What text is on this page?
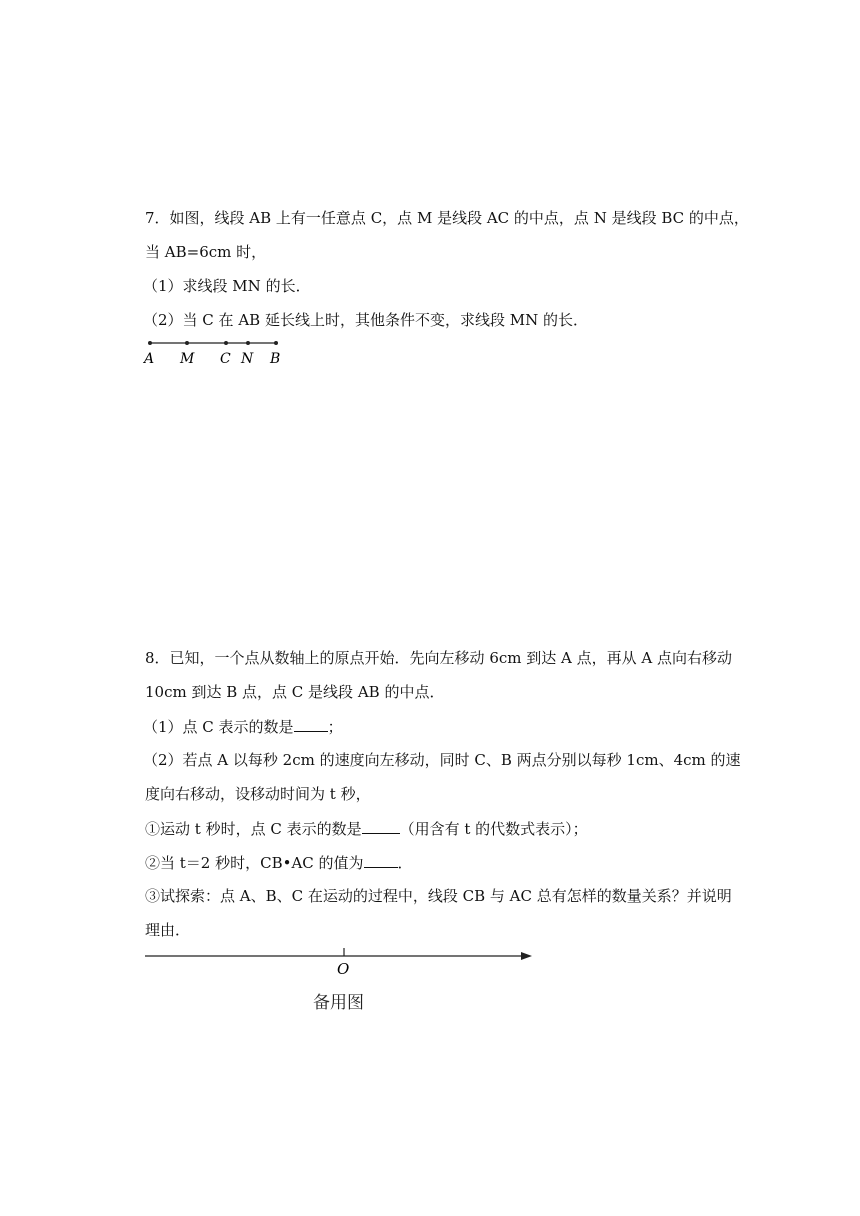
7．如图，线段 AB 上有一任意点 C，点 M 是线段 AC 的中点，点 N 是线段 BC 的中点，
当 AB=6cm 时，
（1）求线段 MN 的长．
（2）当 C 在 AB 延长线上时，其他条件不变，求线段 MN 的长．
A M C N B
8．已知，一个点从数轴上的原点开始．先向左移动 6cm 到达 A 点，再从 A 点向右移动
10cm 到达 B 点，点 C 是线段 AB 的中点．
（1）点 C 表示的数是 ；
（2）若点 A 以每秒 2cm 的速度向左移动，同时 C、B 两点分别以每秒 1cm、4cm 的速
度向右移动，设移动时间为 t 秒，
①运动 t 秒时，点 C 表示的数是	（用含有 t 的代数式表示）；
②当 t＝2 秒时，CB•AC 的值为 ．
③试探索：点 A、B、C 在运动的过程中，线段 CB 与 AC 总有怎样的数量关系？并说明
理由．
O
备用图
